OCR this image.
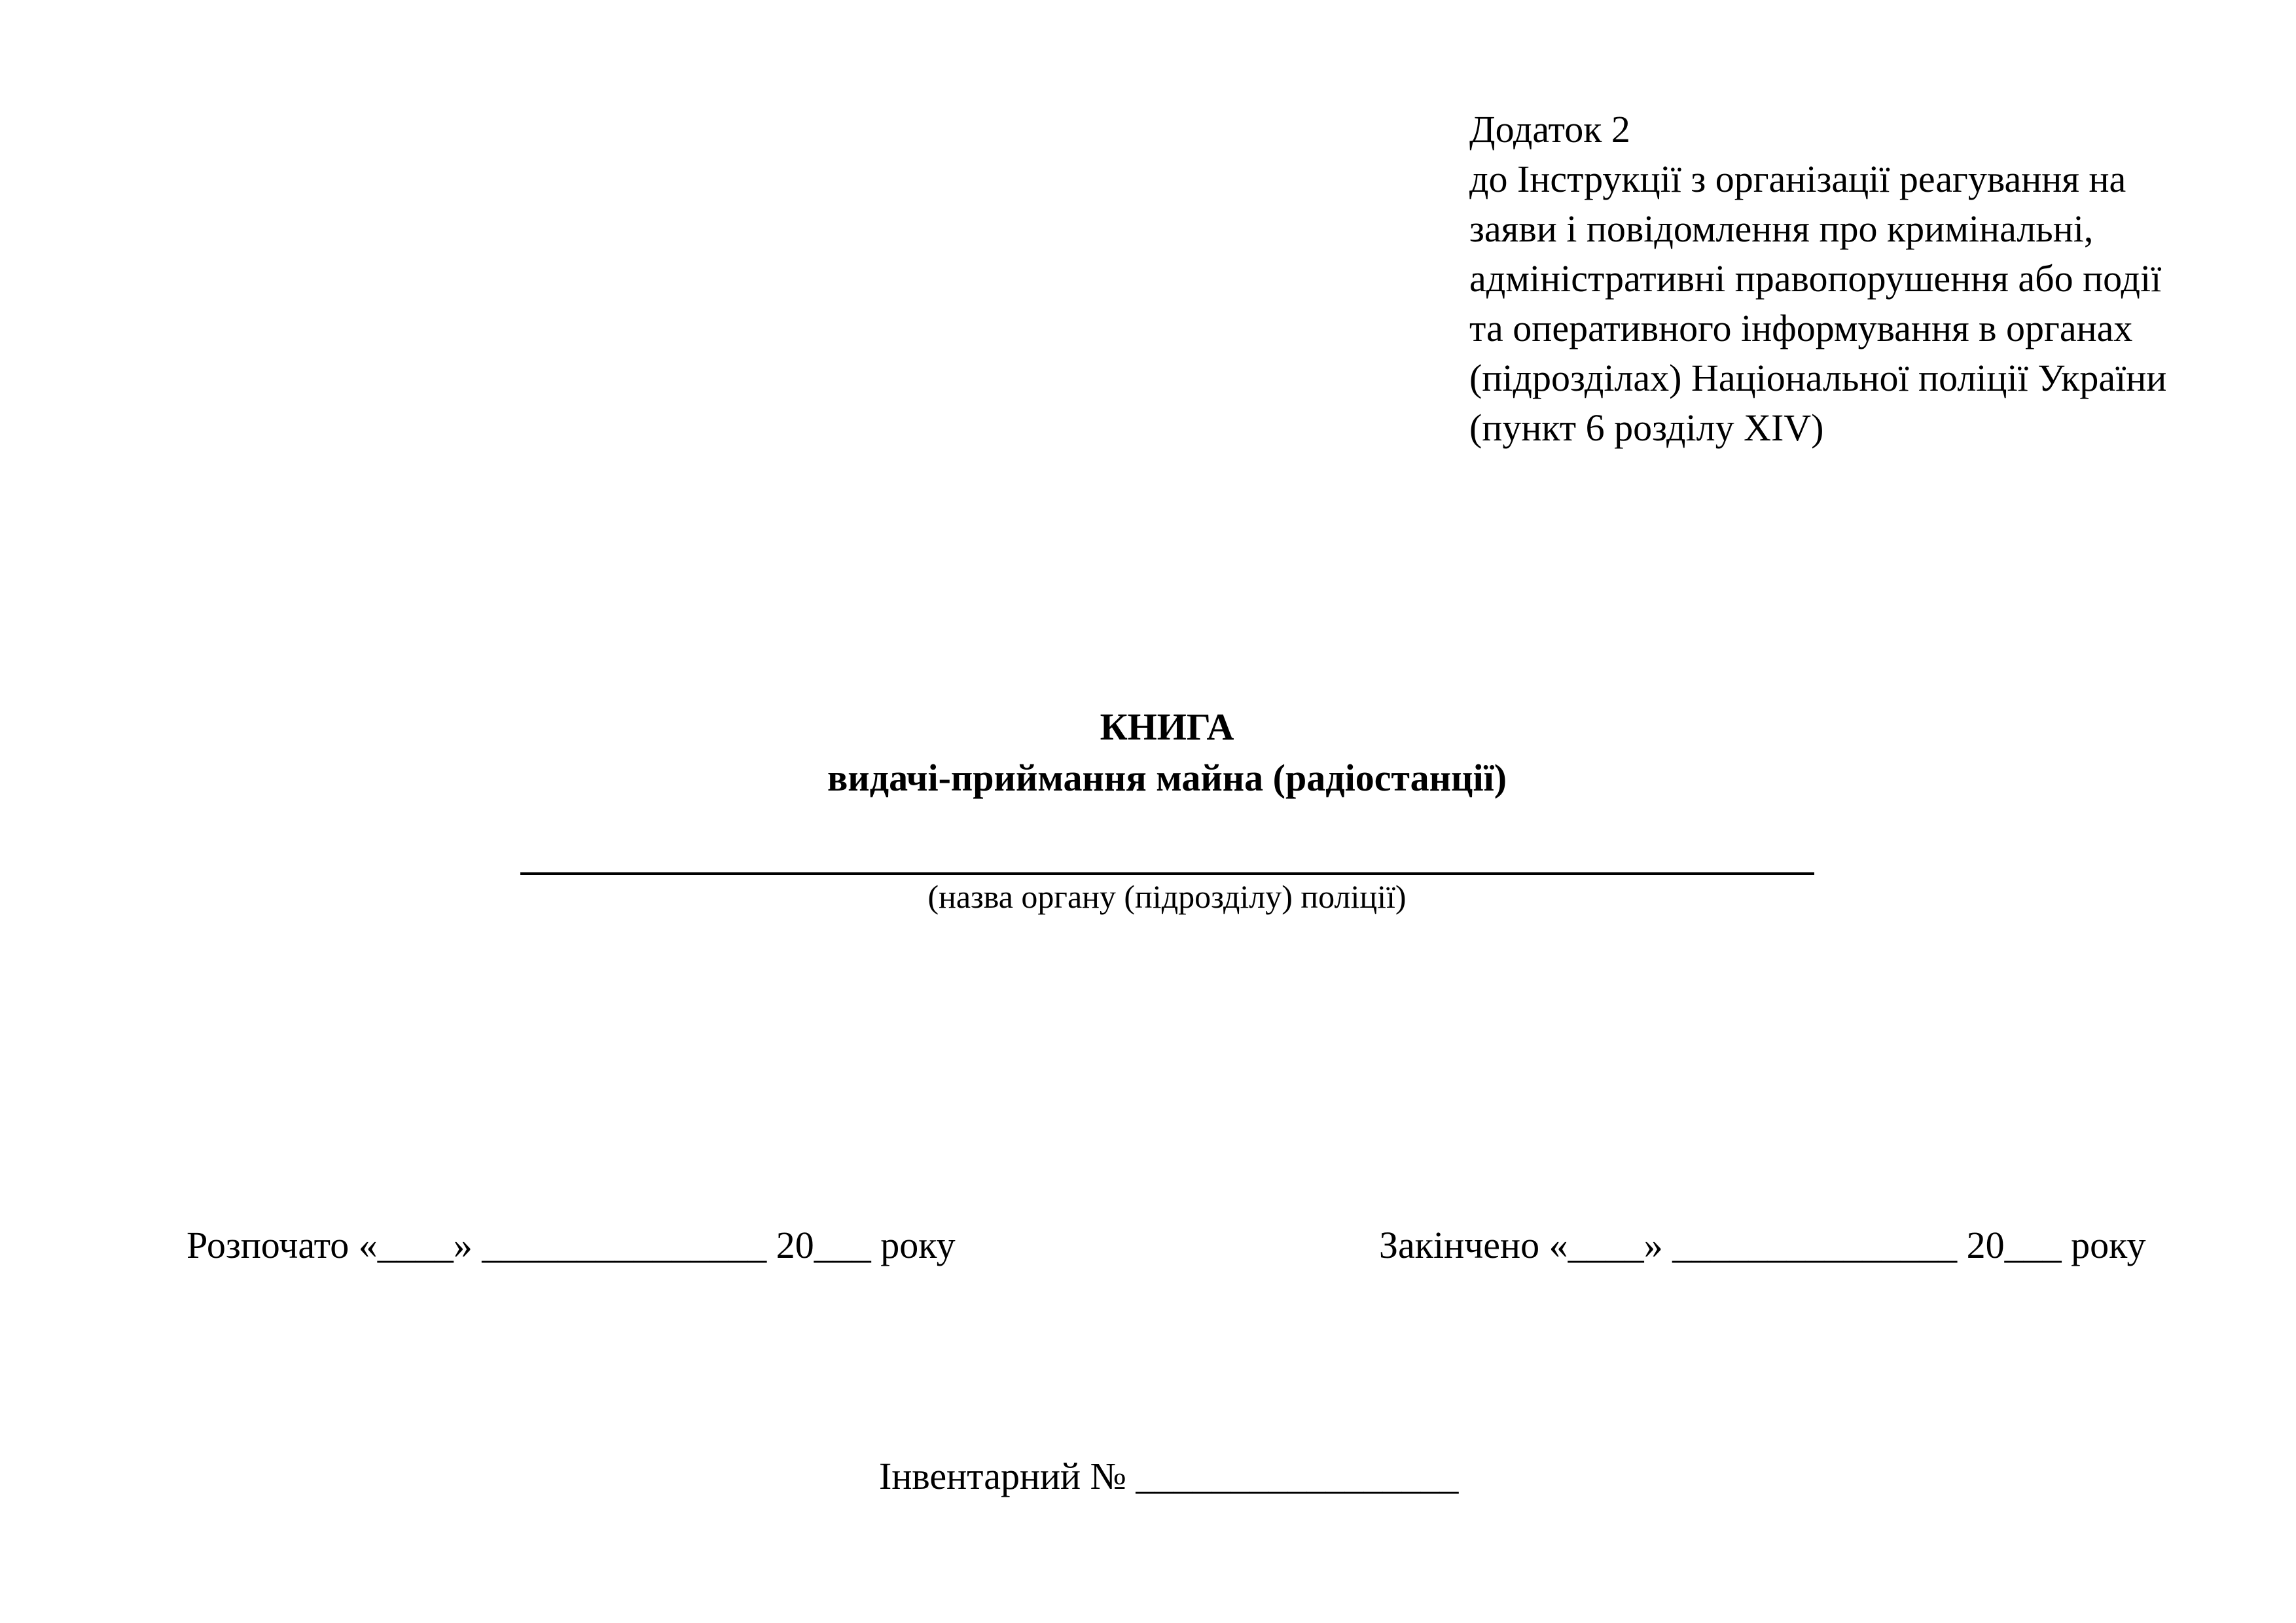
Додаток 2
до Інструкції з організації реагування на
заяви і повідомлення про кримінальні,
адміністративні правопорушення або події
та оперативного інформування в органах
(підрозділах) Національної поліції України
(пункт 6 розділу XIV)
КНИГА
видачі-приймання майна (радіостанції)
(назва органу (підрозділу) поліції)
Розпочато «____» _______________ 20___ року	Закінчено «____» _______________ 20___ року
Інвентарний № _________________
